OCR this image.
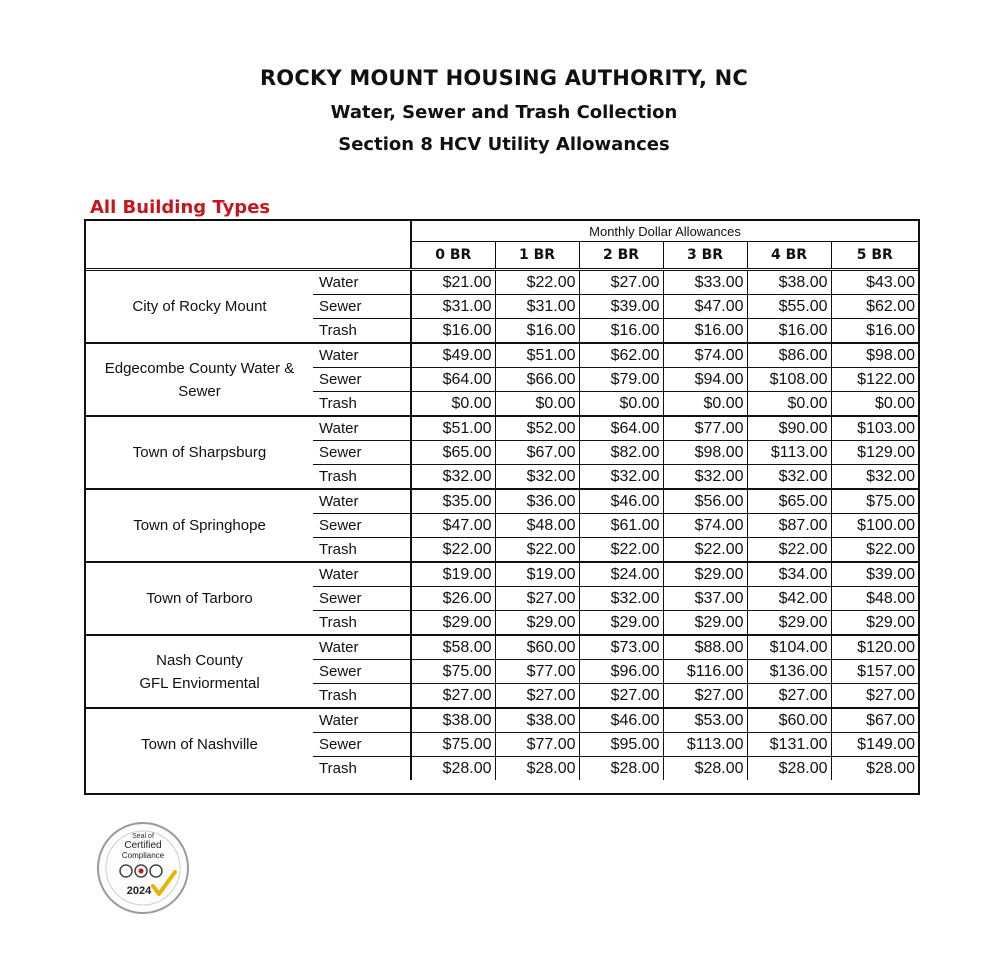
ROCKY MOUNT HOUSING AUTHORITY, NC
Water, Sewer and Trash Collection
Section 8 HCV Utility Allowances
All Building Types
		Monthly Dollar Allowances					
		0 BR	1 BR	2 BR	3 BR	4 BR	5 BR
City of Rocky Mount	Water	$21.00	$22.00	$27.00	$33.00	$38.00	$43.00
	Sewer	$31.00	$31.00	$39.00	$47.00	$55.00	$62.00
	Trash	$16.00	$16.00	$16.00	$16.00	$16.00	$16.00
Edgecombe County Water &
Sewer	Water	$49.00	$51.00	$62.00	$74.00	$86.00	$98.00
	Sewer	$64.00	$66.00	$79.00	$94.00	$108.00	$122.00
	Trash	$0.00	$0.00	$0.00	$0.00	$0.00	$0.00
Town of Sharpsburg	Water	$51.00	$52.00	$64.00	$77.00	$90.00	$103.00
	Sewer	$65.00	$67.00	$82.00	$98.00	$113.00	$129.00
	Trash	$32.00	$32.00	$32.00	$32.00	$32.00	$32.00
Town of Springhope	Water	$35.00	$36.00	$46.00	$56.00	$65.00	$75.00
	Sewer	$47.00	$48.00	$61.00	$74.00	$87.00	$100.00
	Trash	$22.00	$22.00	$22.00	$22.00	$22.00	$22.00
Town of Tarboro	Water	$19.00	$19.00	$24.00	$29.00	$34.00	$39.00
	Sewer	$26.00	$27.00	$32.00	$37.00	$42.00	$48.00
	Trash	$29.00	$29.00	$29.00	$29.00	$29.00	$29.00
Nash County
GFL Enviormental	Water	$58.00	$60.00	$73.00	$88.00	$104.00	$120.00
	Sewer	$75.00	$77.00	$96.00	$116.00	$136.00	$157.00
	Trash	$27.00	$27.00	$27.00	$27.00	$27.00	$27.00
Town of Nashville	Water	$38.00	$38.00	$46.00	$53.00	$60.00	$67.00
	Sewer	$75.00	$77.00	$95.00	$113.00	$131.00	$149.00
	Trash	$28.00	$28.00	$28.00	$28.00	$28.00	$28.00
Seal of
Certified
Compliance
2024
